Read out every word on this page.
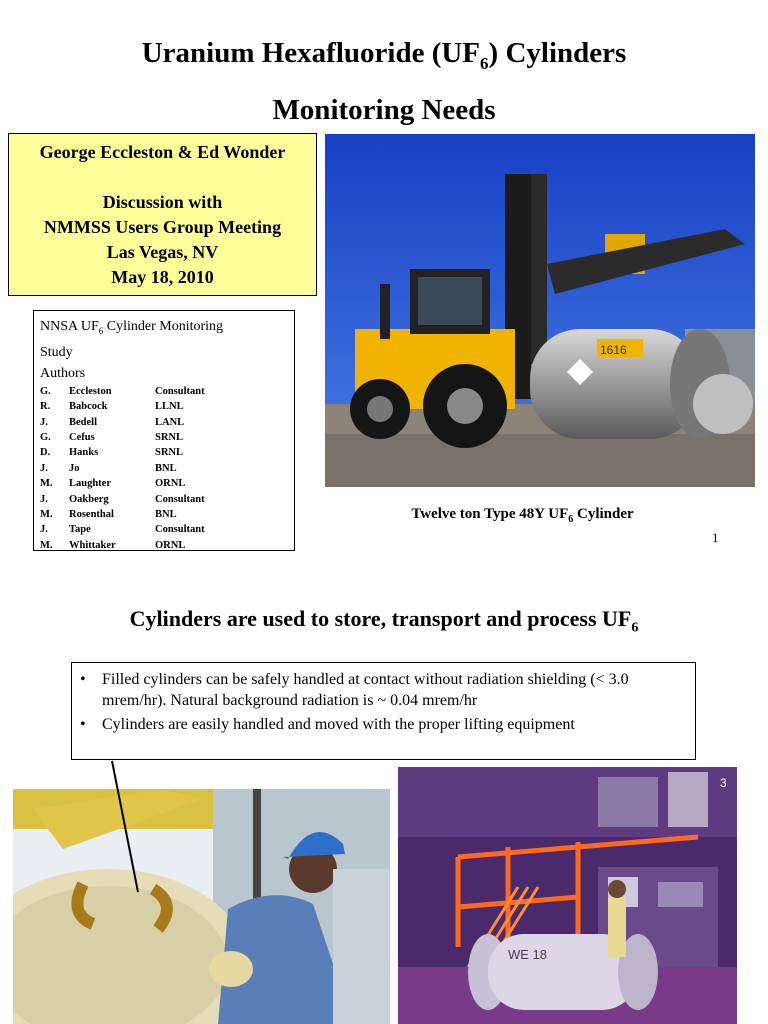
Uranium Hexafluoride $(UF_6)$ Cylinders
Monitoring Needs
George Eccleston & Ed Wonder
Discussion with
NMMSS Users Group Meeting
Las Vegas, NV
May 18, 2010
1616
NNSA $UF_6$ Cylinder Monitoring
Study
Authors
G.	Eccleston	Consultant
R.	Babcock	LLNL
J.	Bedell	LANL
G.	Cefus	SRNL
D.	Hanks	SRNL
J.	Jo	BNL
M.	Laughter	ORNL
J.	Oakberg	Consultant
M.	Rosenthal	BNL
J.	Tape	Consultant
M.	Whittaker	ORNL
Twelve ton Type 48Y $UF_6$ Cylinder
1
Cylinders are used to store, transport and process $UF_6$
•	Filled cylinders can be safely handled at contact without radiation shielding (< 3.0 mrem/hr). Natural background radiation is ~ 0.04 mrem/hr
•	Cylinders are easily handled and moved with the proper lifting equipment
3
WE 18
